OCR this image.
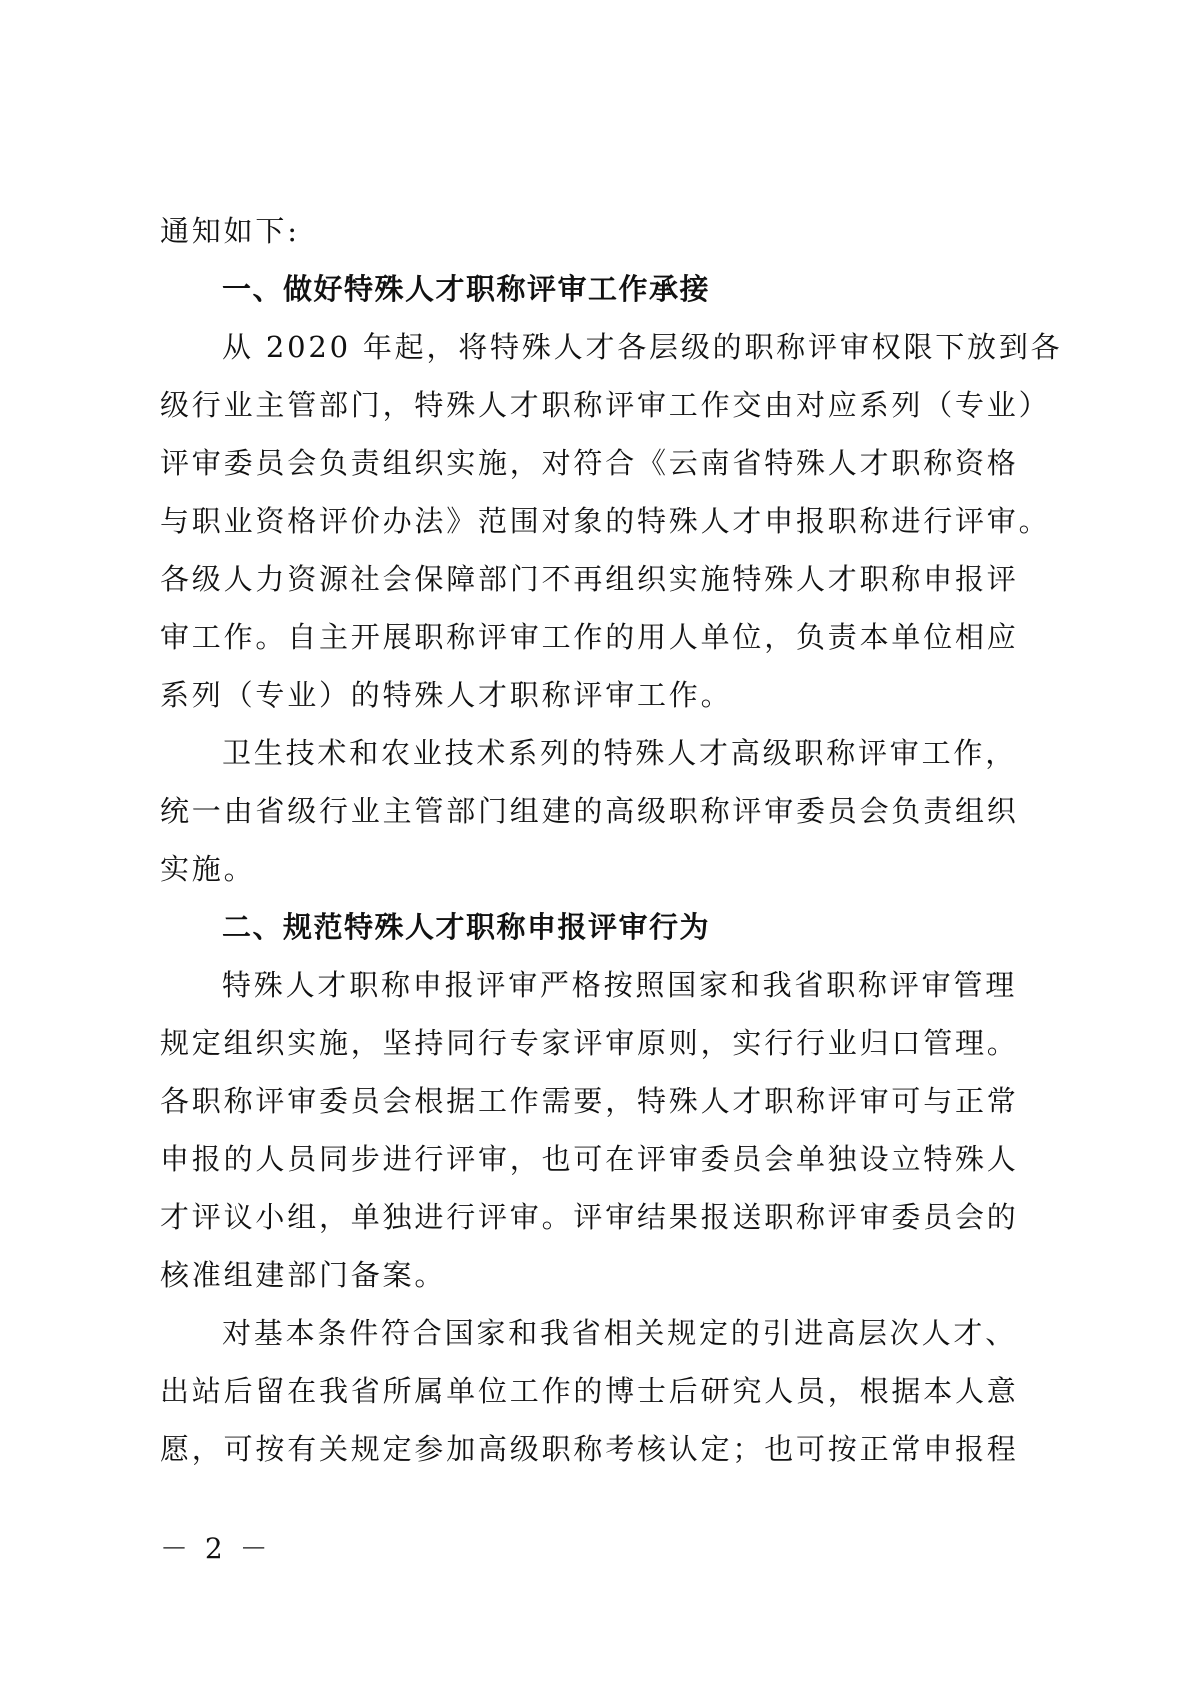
通知如下:
一、做好特殊人才职称评审工作承接
从 2020 年起，将特殊人才各层级的职称评审权限下放到各
级行业主管部门，特殊人才职称评审工作交由对应系列（专业）
评审委员会负责组织实施，对符合《云南省特殊人才职称资格
与职业资格评价办法》范围对象的特殊人才申报职称进行评审。
各级人力资源社会保障部门不再组织实施特殊人才职称申报评
审工作。自主开展职称评审工作的用人单位，负责本单位相应
系列（专业）的特殊人才职称评审工作。
卫生技术和农业技术系列的特殊人才高级职称评审工作，
统一由省级行业主管部门组建的高级职称评审委员会负责组织
实施。
二、规范特殊人才职称申报评审行为
特殊人才职称申报评审严格按照国家和我省职称评审管理
规定组织实施，坚持同行专家评审原则，实行行业归口管理。
各职称评审委员会根据工作需要，特殊人才职称评审可与正常
申报的人员同步进行评审，也可在评审委员会单独设立特殊人
才评议小组，单独进行评审。评审结果报送职称评审委员会的
核准组建部门备案。
对基本条件符合国家和我省相关规定的引进高层次人才、
出站后留在我省所属单位工作的博士后研究人员，根据本人意
愿，可按有关规定参加高级职称考核认定；也可按正常申报程
－ 2 －
